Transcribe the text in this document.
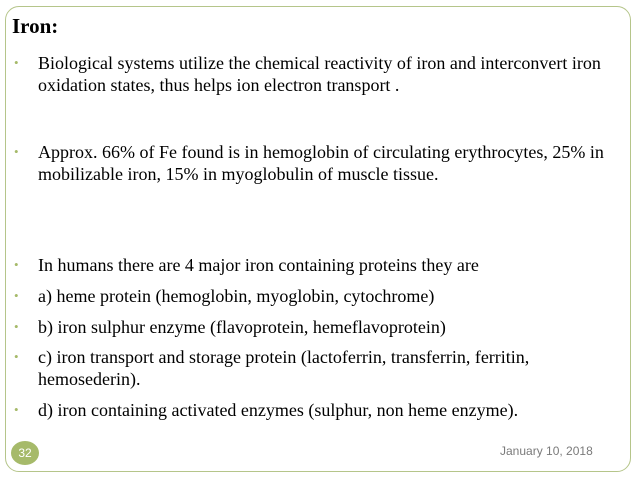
Iron:
•	Biological systems utilize the chemical reactivity of iron and interconvert iron oxidation states, thus helps ion electron transport .
•	Approx. 66% of Fe found is in hemoglobin of circulating erythrocytes, 25% in mobilizable iron, 15% in myoglobulin of muscle tissue.
•	In humans there are 4 major iron containing proteins they are
•	a) heme protein (hemoglobin, myoglobin, cytochrome)
•	b) iron sulphur enzyme (flavoprotein, hemeflavoprotein)
•	c) iron transport and storage protein (lactoferrin, transferrin, ferritin, hemosederin).
•	d) iron containing activated enzymes (sulphur, non heme enzyme).
32	January 10, 2018
